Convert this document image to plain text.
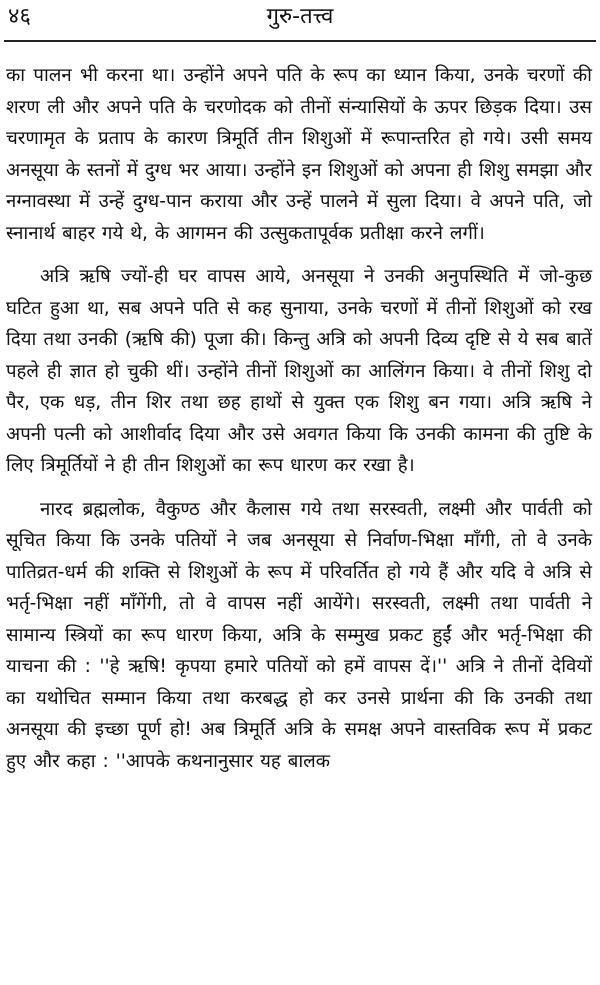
४६	गुरु-तत्त्व

का पालन भी करना था। उन्होंने अपने पति के रूप का ध्यान किया, उनके चरणों की शरण ली और अपने पति के चरणोदक को तीनों संन्यासियों के ऊपर छिड़क दिया। उस चरणामृत के प्रताप के कारण त्रिमूर्ति तीन शिशुओं में रूपान्तरित हो गये। उसी समय अनसूया के स्तनों में दुग्ध भर आया। उन्होंने इन शिशुओं को अपना ही शिशु समझा और नग्नावस्था में उन्हें दुग्ध-पान कराया और उन्हें पालने में सुला दिया। वे अपने पति, जो स्नानार्थ बाहर गये थे, के आगमन की उत्सुकतापूर्वक प्रतीक्षा करने लगीं।

अत्रि ऋषि ज्यों-ही घर वापस आये, अनसूया ने उनकी अनुपस्थिति में जो-कुछ घटित हुआ था, सब अपने पति से कह सुनाया, उनके चरणों में तीनों शिशुओं को रख दिया तथा उनकी (ऋषि की) पूजा की। किन्तु अत्रि को अपनी दिव्य दृष्टि से ये सब बातें पहले ही ज्ञात हो चुकी थीं। उन्होंने तीनों शिशुओं का आलिंगन किया। वे तीनों शिशु दो पैर, एक धड़, तीन शिर तथा छह हाथों से युक्त एक शिशु बन गया। अत्रि ऋषि ने अपनी पत्नी को आशीर्वाद दिया और उसे अवगत किया कि उनकी कामना की तुष्टि के लिए त्रिमूर्तियों ने ही तीन शिशुओं का रूप धारण कर रखा है।

नारद ब्रह्मलोक, वैकुण्ठ और कैलास गये तथा सरस्वती, लक्ष्मी और पार्वती को सूचित किया कि उनके पतियों ने जब अनसूया से निर्वाण-भिक्षा माँगी, तो वे उनके पातिव्रत-धर्म की शक्ति से शिशुओं के रूप में परिवर्तित हो गये हैं और यदि वे अत्रि से भर्तृ-भिक्षा नहीं माँगेंगी, तो वे वापस नहीं आयेंगे। सरस्वती, लक्ष्मी तथा पार्वती ने सामान्य स्त्रियों का रूप धारण किया, अत्रि के सम्मुख प्रकट हुईं और भर्तृ-भिक्षा की याचना की : ''हे ऋषि! कृपया हमारे पतियों को हमें वापस दें।'' अत्रि ने तीनों देवियों का यथोचित सम्मान किया तथा करबद्ध हो कर उनसे प्रार्थना की कि उनकी तथा अनसूया की इच्छा पूर्ण हो! अब त्रिमूर्ति अत्रि के समक्ष अपने वास्तविक रूप में प्रकट हुए और कहा : ''आपके कथनानुसार यह बालक
